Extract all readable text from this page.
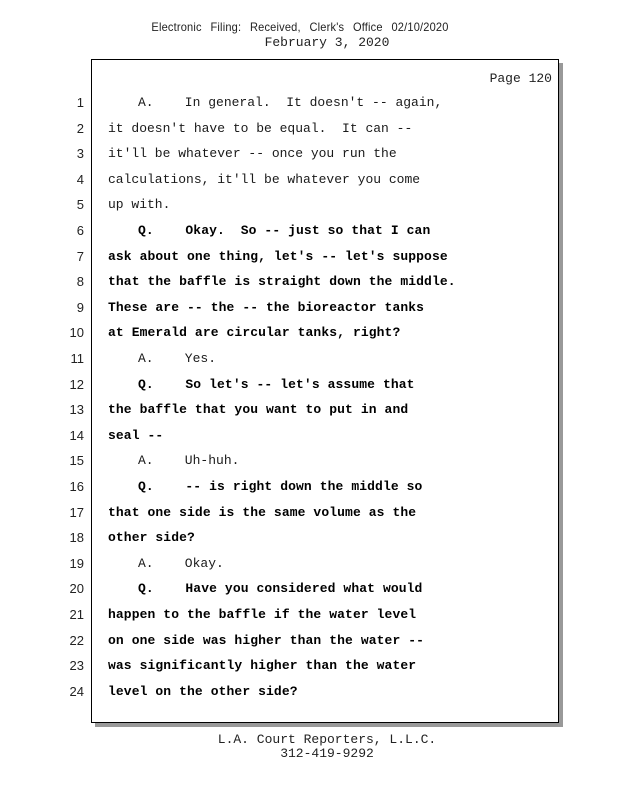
Electronic Filing: Received, Clerk's Office 02/10/2020
February 3, 2020
Page 120
1
2
3
4
5
6
7
8
9
10
11
12
13
14
15
16
17
18
19
20
21
22
23
24
A.    In general.  It doesn't -- again,
it doesn't have to be equal.  It can --
it'll be whatever -- once you run the
calculations, it'll be whatever you come
up with.
Q.    Okay.  So -- just so that I can
ask about one thing, let's -- let's suppose
that the baffle is straight down the middle.
These are -- the -- the bioreactor tanks
at Emerald are circular tanks, right?
A.    Yes.
Q.    So let's -- let's assume that
the baffle that you want to put in and
seal --
A.    Uh-huh.
Q.    -- is right down the middle so
that one side is the same volume as the
other side?
A.    Okay.
Q.    Have you considered what would
happen to the baffle if the water level
on one side was higher than the water --
was significantly higher than the water
level on the other side?
L.A. Court Reporters, L.L.C.
312-419-9292
